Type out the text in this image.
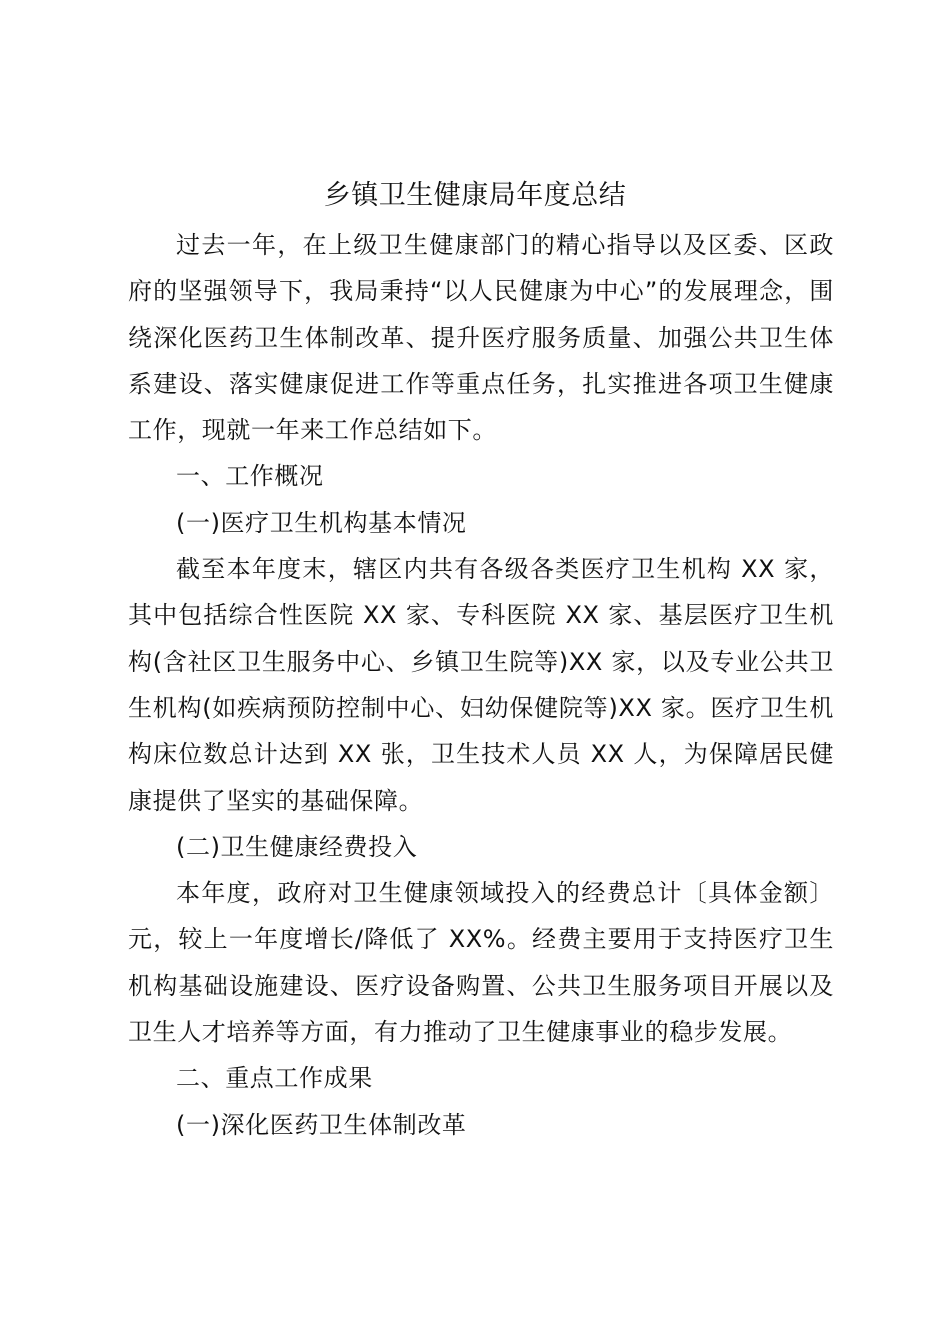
乡镇卫生健康局年度总结

过去一年，在上级卫生健康部门的精心指导以及区委、区政府的坚强领导下，我局秉持“以人民健康为中心”的发展理念，围绕深化医药卫生体制改革、提升医疗服务质量、加强公共卫生体系建设、落实健康促进工作等重点任务，扎实推进各项卫生健康工作，现就一年来工作总结如下。

一、工作概况

(一)医疗卫生机构基本情况

截至本年度末，辖区内共有各级各类医疗卫生机构 XX 家，其中包括综合性医院 XX 家、专科医院 XX 家、基层医疗卫生机构(含社区卫生服务中心、乡镇卫生院等)XX 家，以及专业公共卫生机构(如疾病预防控制中心、妇幼保健院等)XX 家。医疗卫生机构床位数总计达到 XX 张，卫生技术人员 XX 人，为保障居民健康提供了坚实的基础保障。

(二)卫生健康经费投入

本年度，政府对卫生健康领域投入的经费总计〔具体金额〕元，较上一年度增长/降低了 XX%。经费主要用于支持医疗卫生机构基础设施建设、医疗设备购置、公共卫生服务项目开展以及卫生人才培养等方面，有力推动了卫生健康事业的稳步发展。

二、重点工作成果

(一)深化医药卫生体制改革
